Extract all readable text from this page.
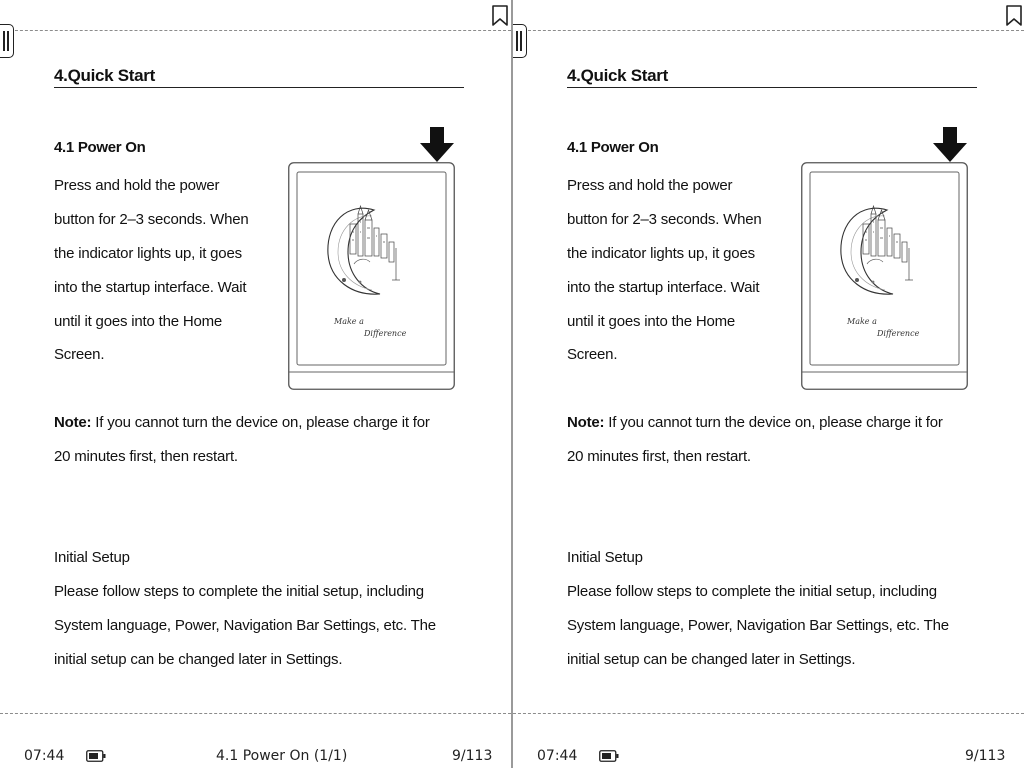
4.Quick Start
4.1 Power On
Press and hold the power
button for 2–3 seconds. When
the indicator lights up, it goes
into the startup interface. Wait
until it goes into the Home
Screen.
Make a
Difference
Note: If you cannot turn the device on, please charge it for
20 minutes first, then restart.
Initial Setup
Please follow steps to complete the initial setup, including
System language, Power, Navigation Bar Settings, etc. The
initial setup can be changed later in Settings.
07:44	4.1 Power On (1/1)	9/113
4.Quick Start
4.1 Power On
Press and hold the power
button for 2–3 seconds. When
the indicator lights up, it goes
into the startup interface. Wait
until it goes into the Home
Screen.
Make a
Difference
Note: If you cannot turn the device on, please charge it for
20 minutes first, then restart.
Initial Setup
Please follow steps to complete the initial setup, including
System language, Power, Navigation Bar Settings, etc. The
initial setup can be changed later in Settings.
07:44	9/113
